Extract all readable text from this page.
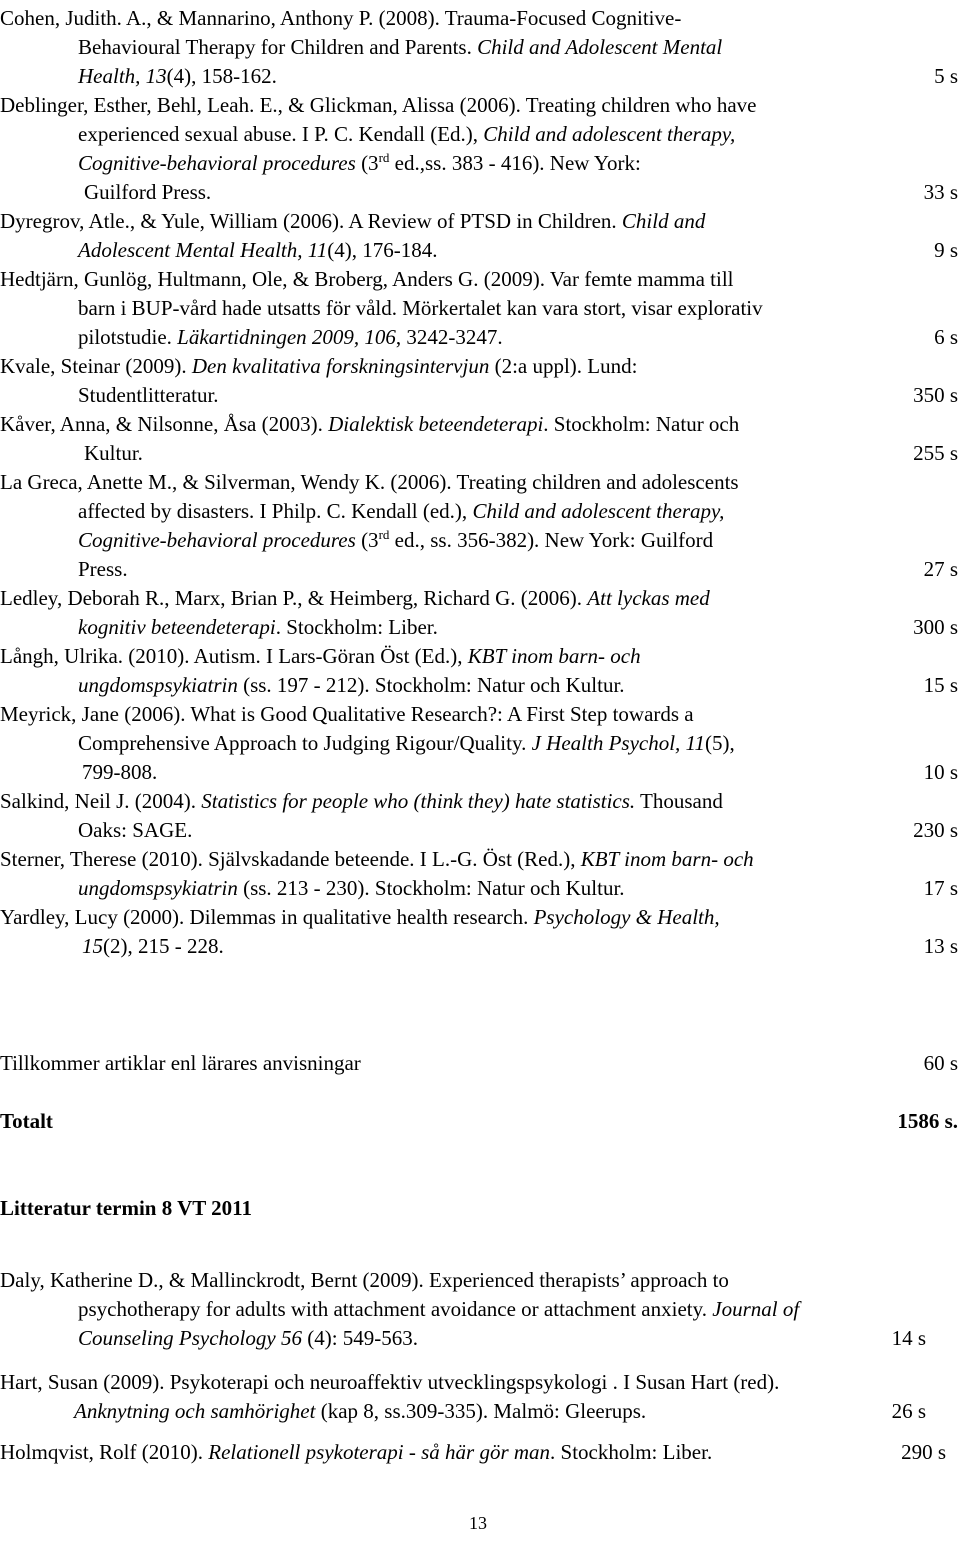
Cohen, Judith. A., & Mannarino, Anthony P. (2008). Trauma-Focused Cognitive-
Behavioural Therapy for Children and Parents. Child and Adolescent Mental
Health, 13(4), 158-162.	5 s
Deblinger, Esther, Behl, Leah. E., & Glickman, Alissa (2006). Treating children who have
experienced sexual abuse. I P. C. Kendall (Ed.), Child and adolescent therapy,
Cognitive-behavioral procedures (3rd ed.,ss. 383 - 416). New York:
Guilford Press.	33 s
Dyregrov, Atle., & Yule, William (2006). A Review of PTSD in Children. Child and
Adolescent Mental Health, 11(4), 176-184.	9 s
Hedtjärn, Gunlög, Hultmann, Ole, & Broberg, Anders G. (2009). Var femte mamma till
barn i BUP-vård hade utsatts för våld. Mörkertalet kan vara stort, visar explorativ
pilotstudie. Läkartidningen 2009, 106, 3242-3247.	6 s
Kvale, Steinar (2009). Den kvalitativa forskningsintervjun (2:a uppl). Lund:
Studentlitteratur.	350 s
Kåver, Anna, & Nilsonne, Åsa (2003). Dialektisk beteendeterapi. Stockholm: Natur och
Kultur.	255 s
La Greca, Anette M., & Silverman, Wendy K. (2006). Treating children and adolescents
affected by disasters. I Philp. C. Kendall (ed.), Child and adolescent therapy,
Cognitive-behavioral procedures (3rd ed., ss. 356-382). New York: Guilford
Press.	27 s
Ledley, Deborah R., Marx, Brian P., & Heimberg, Richard G. (2006). Att lyckas med
kognitiv beteendeterapi. Stockholm: Liber.	300 s
Långh, Ulrika. (2010). Autism. I Lars-Göran Öst (Ed.), KBT inom barn- och
ungdomspsykiatrin (ss. 197 - 212). Stockholm: Natur och Kultur.	15 s
Meyrick, Jane (2006). What is Good Qualitative Research?: A First Step towards a
Comprehensive Approach to Judging Rigour/Quality. J Health Psychol, 11(5),
799-808.	10 s
Salkind, Neil J. (2004). Statistics for people who (think they) hate statistics. Thousand
Oaks: SAGE.	230 s
Sterner, Therese (2010). Självskadande beteende. I L.-G. Öst (Red.), KBT inom barn- och
ungdomspsykiatrin (ss. 213 - 230). Stockholm: Natur och Kultur.	17 s
Yardley, Lucy (2000). Dilemmas in qualitative health research. Psychology & Health,
15(2), 215 - 228.	13 s
Tillkommer artiklar enl lärares anvisningar	60 s
Totalt	1586 s.
Litteratur termin 8 VT 2011
Daly, Katherine D., & Mallinckrodt, Bernt (2009). Experienced therapists’ approach to
psychotherapy for adults with attachment avoidance or attachment anxiety. Journal of
Counseling Psychology 56 (4): 549-563.	14 s
Hart, Susan (2009). Psykoterapi och neuroaffektiv utvecklingspsykologi . I Susan Hart (red).
Anknytning och samhörighet (kap 8, ss.309-335). Malmö: Gleerups.	26 s
Holmqvist, Rolf (2010). Relationell psykoterapi - så här gör man. Stockholm: Liber.	290 s
13
